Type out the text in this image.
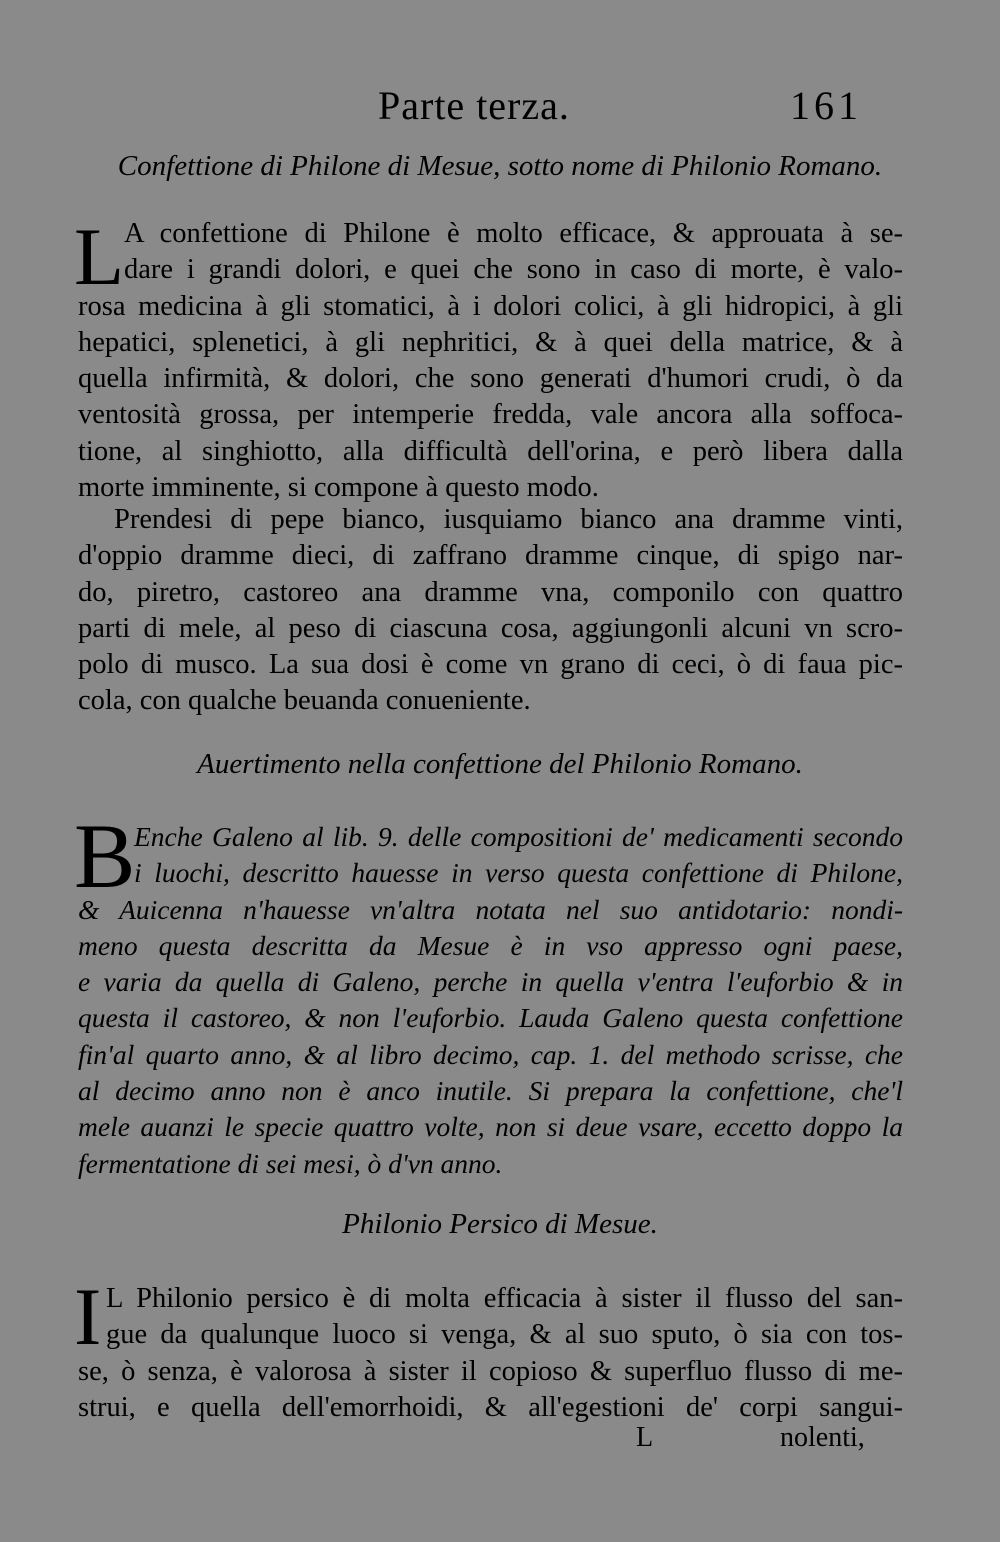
Parte terza.	161
Confettione di Philone di Mesue, sotto nome di Philonio Romano.
L A confettione di Philone è molto efficace, & approuata à se-
dare i grandi dolori, e quei che sono in caso di morte, è valo-
rosa medicina à gli stomatici, à i dolori colici, à gli hidropici, à gli
hepatici, splenetici, à gli nephritici, & à quei della matrice, & à
quella infirmità, & dolori, che sono generati d'humori crudi, ò da
ventosità grossa, per intemperie fredda, vale ancora alla soffoca-
tione, al singhiotto, alla difficultà dell'orina, e però libera dalla
morte imminente, si compone à questo modo.
Prendesi di pepe bianco, iusquiamo bianco ana dramme vinti,
d'oppio dramme dieci, di zaffrano dramme cinque, di spigo nar-
do, piretro, castoreo ana dramme vna, componilo con quattro
parti di mele, al peso di ciascuna cosa, aggiungonli alcuni vn scro-
polo di musco. La sua dosi è come vn grano di ceci, ò di faua pic-
cola, con qualche beuanda conueniente.
Auertimento nella confettione del Philonio Romano.
B
Enche Galeno al lib. 9. delle compositioni de' medicamenti secondo
i luochi, descritto hauesse in verso questa confettione di Philone,
& Auicenna n'hauesse vn'altra notata nel suo antidotario: nondi-
meno questa descritta da Mesue è in vso appresso ogni paese,
e varia da quella di Galeno, perche in quella v'entra l'euforbio & in
questa il castoreo, & non l'euforbio. Lauda Galeno questa confettione
fin'al quarto anno, & al libro decimo, cap. 1. del methodo scrisse, che
al decimo anno non è anco inutile. Si prepara la confettione, che'l
mele auanzi le specie quattro volte, non si deue vsare, eccetto doppo la
fermentatione di sei mesi, ò d'vn anno.
Philonio Persico di Mesue.
I L Philonio persico è di molta efficacia à sister il flusso del san-
gue da qualunque luoco si venga, & al suo sputo, ò sia con tos-
se, ò senza, è valorosa à sister il copioso & superfluo flusso di me-
strui, e quella dell'emorrhoidi, & all'egestioni de' corpi sangui-
L	nolenti,
